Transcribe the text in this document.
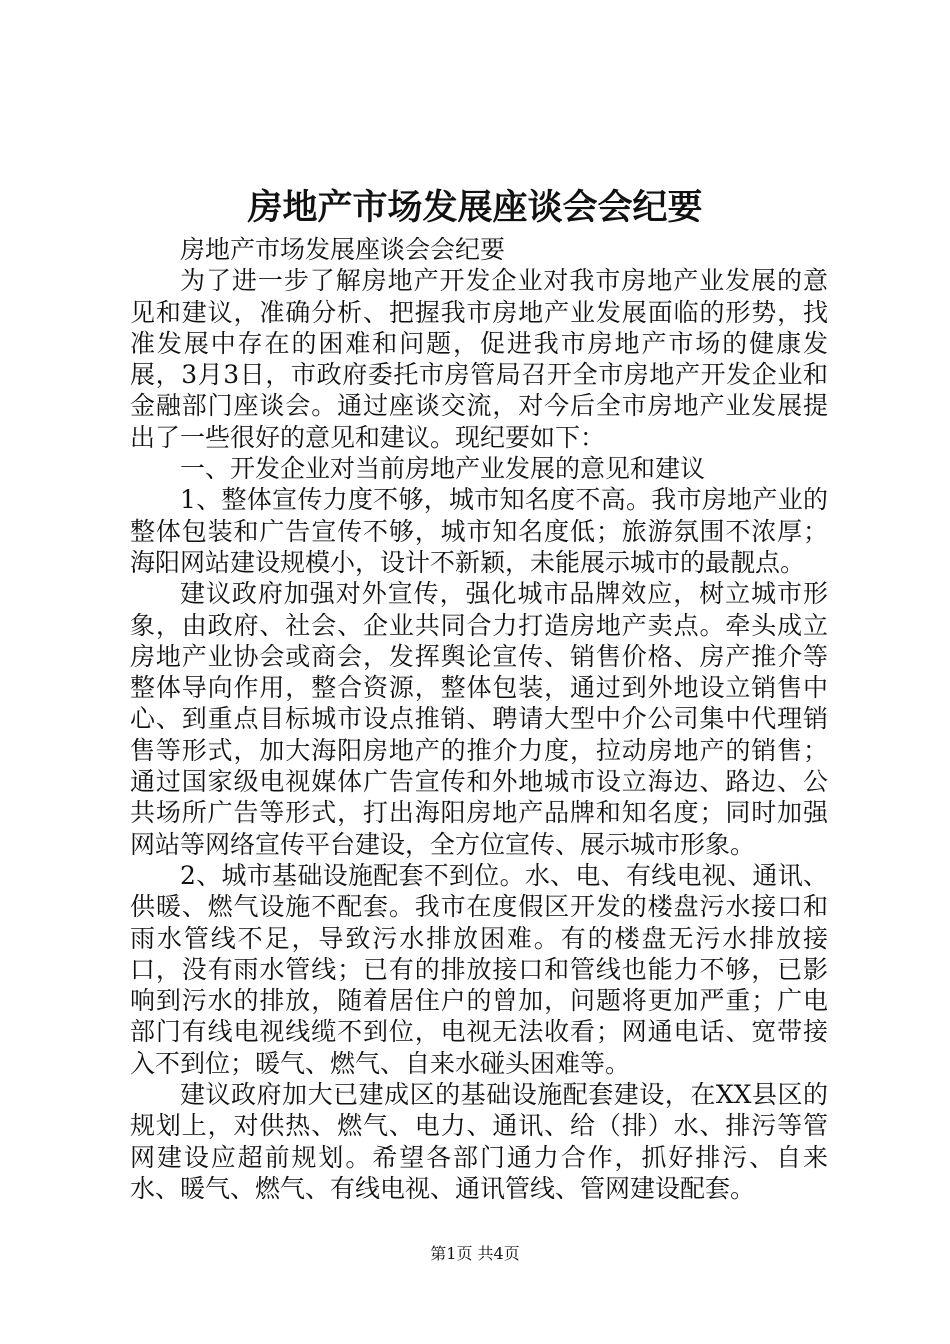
房地产市场发展座谈会会纪要

房地产市场发展座谈会会纪要

为了进一步了解房地产开发企业对我市房地产业发展的意见和建议，准确分析、把握我市房地产业发展面临的形势，找准发展中存在的困难和问题，促进我市房地产市场的健康发展，3月3日，市政府委托市房管局召开全市房地产开发企业和金融部门座谈会。通过座谈交流，对今后全市房地产业发展提出了一些很好的意见和建议。现纪要如下：

一、开发企业对当前房地产业发展的意见和建议

1、整体宣传力度不够，城市知名度不高。我市房地产业的整体包装和广告宣传不够，城市知名度低；旅游氛围不浓厚；海阳网站建设规模小，设计不新颖，未能展示城市的最靓点。

建议政府加强对外宣传，强化城市品牌效应，树立城市形象，由政府、社会、企业共同合力打造房地产卖点。牵头成立房地产业协会或商会，发挥舆论宣传、销售价格、房产推介等整体导向作用，整合资源，整体包装，通过到外地设立销售中心、到重点目标城市设点推销、聘请大型中介公司集中代理销售等形式，加大海阳房地产的推介力度，拉动房地产的销售；通过国家级电视媒体广告宣传和外地城市设立海边、路边、公共场所广告等形式，打出海阳房地产品牌和知名度；同时加强网站等网络宣传平台建设，全方位宣传、展示城市形象。

2、城市基础设施配套不到位。水、电、有线电视、通讯、供暖、燃气设施不配套。我市在度假区开发的楼盘污水接口和雨水管线不足，导致污水排放困难。有的楼盘无污水排放接口，没有雨水管线；已有的排放接口和管线也能力不够，已影响到污水的排放，随着居住户的曾加，问题将更加严重；广电部门有线电视线缆不到位，电视无法收看；网通电话、宽带接入不到位；暖气、燃气、自来水碰头困难等。

建议政府加大已建成区的基础设施配套建设，在XX县区的规划上，对供热、燃气、电力、通讯、给（排）水、排污等管网建设应超前规划。希望各部门通力合作，抓好排污、自来水、暖气、燃气、有线电视、通讯管线、管网建设配套。

第1页 共4页
